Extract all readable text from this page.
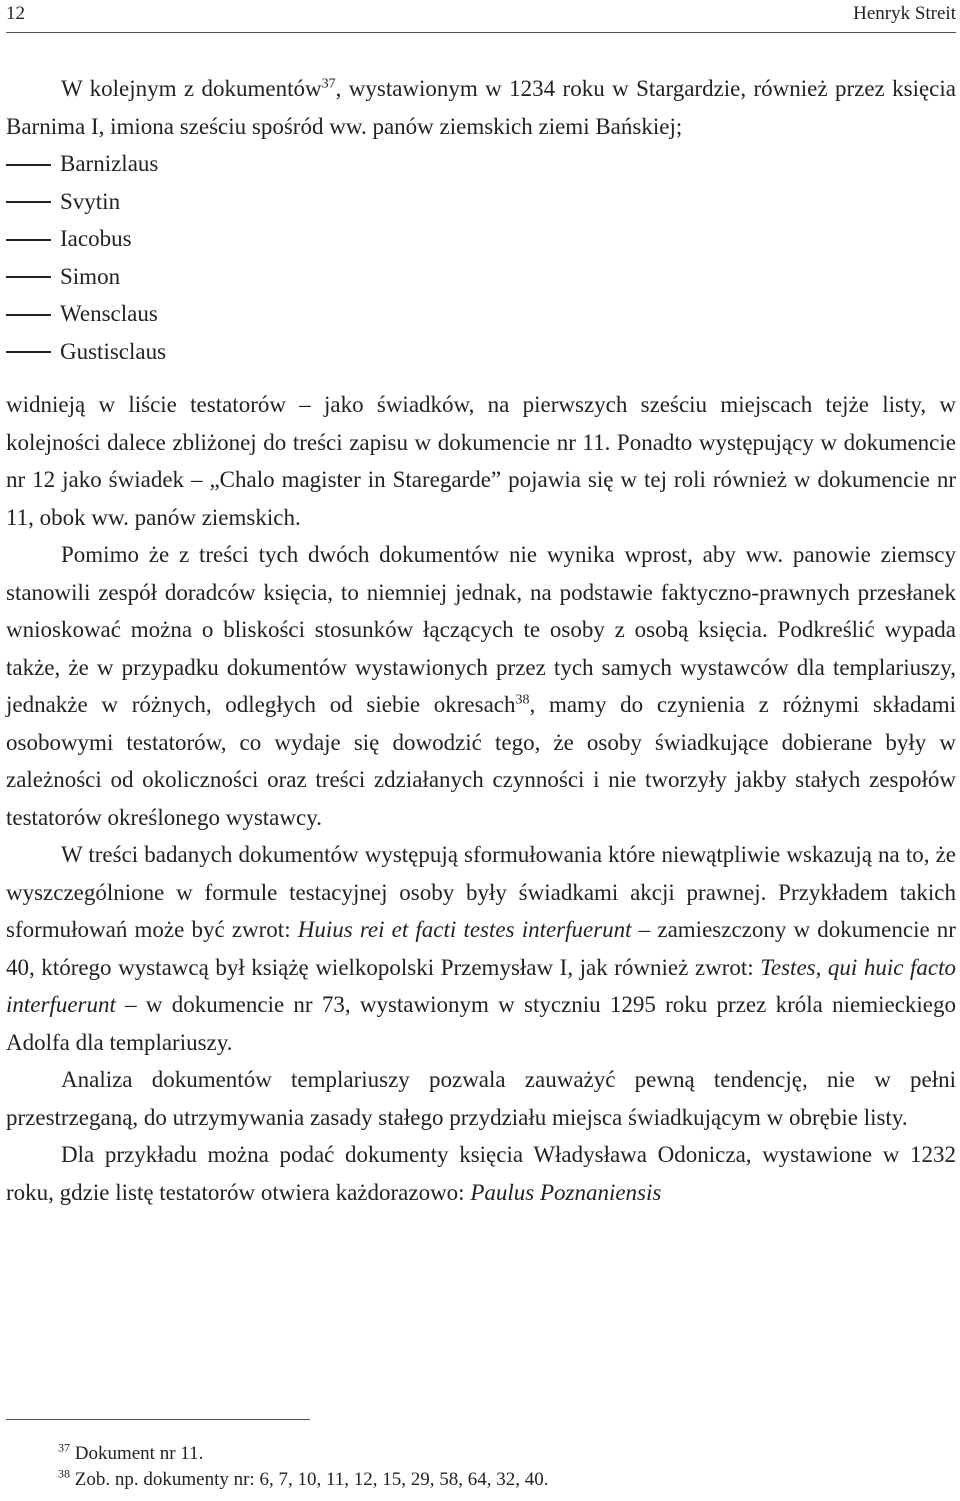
12	Henryk Streit

W kolejnym z dokumentów$^{37}$, wystawionym w 1234 roku w Stargardzie, również przez księcia Barnima I, imiona sześciu spośród ww. panów ziemskich ziemi Bańskiej;

Barnizlaus
Svytin
Iacobus
Simon
Wensclaus
Gustisclaus

widnieją w liście testatorów – jako świadków, na pierwszych sześciu miejscach tejże listy, w kolejności dalece zbliżonej do treści zapisu w dokumencie nr 11. Ponadto występujący w dokumencie nr 12 jako świadek – „Chalo magister in Staregarde” pojawia się w tej roli również w dokumencie nr 11, obok ww. panów ziemskich.

Pomimo że z treści tych dwóch dokumentów nie wynika wprost, aby ww. panowie ziemscy stanowili zespół doradców księcia, to niemniej jednak, na podstawie faktyczno-prawnych przesłanek wnioskować można o bliskości stosunków łączących te osoby z osobą księcia. Podkreślić wypada także, że w przypadku dokumentów wystawionych przez tych samych wystawców dla templariuszy, jednakże w różnych, odległych od siebie okresach$^{38}$, mamy do czynienia z różnymi składami osobowymi testatorów, co wydaje się dowodzić tego, że osoby świadkujące dobierane były w zależności od okoliczności oraz treści zdziałanych czynności i nie tworzyły jakby stałych zespołów testatorów określonego wystawcy.

W treści badanych dokumentów występują sformułowania które niewątpliwie wskazują na to, że wyszczególnione w formule testacyjnej osoby były świadkami akcji prawnej. Przykładem takich sformułowań może być zwrot: Huius rei et facti testes interfuerunt – zamieszczony w dokumencie nr 40, którego wystawcą był książę wielkopolski Przemysław I, jak również zwrot: Testes, qui huic facto interfuerunt – w dokumencie nr 73, wystawionym w styczniu 1295 roku przez króla niemieckiego Adolfa dla templariuszy.

Analiza dokumentów templariuszy pozwala zauważyć pewną tendencję, nie w pełni przestrzeganą, do utrzymywania zasady stałego przydziału miejsca świadkującym w obrębie listy.

Dla przykładu można podać dokumenty księcia Władysława Odonicza, wystawione w 1232 roku, gdzie listę testatorów otwiera każdorazowo: Paulus Poznaniensis

$^{37}$ Dokument nr 11.
$^{38}$ Zob. np. dokumenty nr: 6, 7, 10, 11, 12, 15, 29, 58, 64, 32, 40.
